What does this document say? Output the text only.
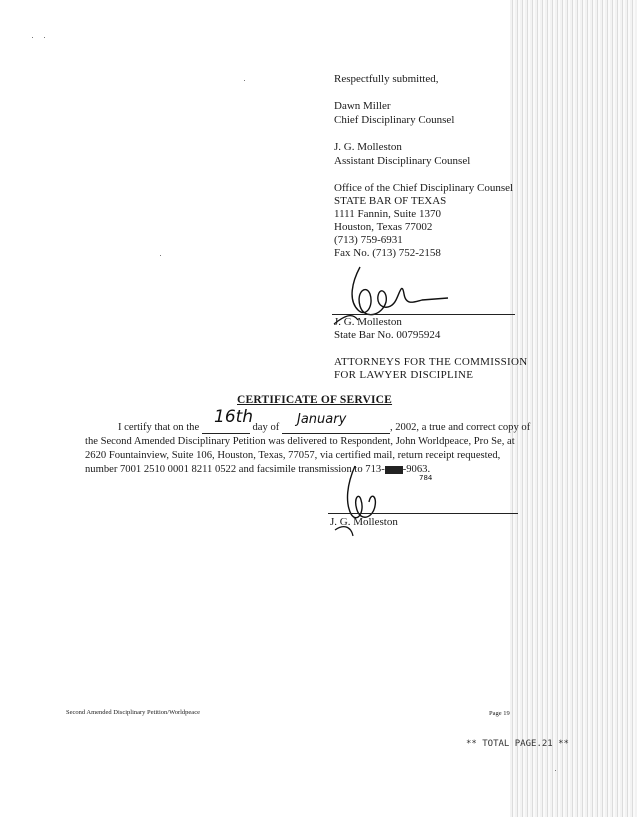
Respectfully submitted,
Dawn Miller
Chief Disciplinary Counsel
J. G. Molleston
Assistant Disciplinary Counsel
Office of the Chief Disciplinary Counsel
STATE BAR OF TEXAS
1111 Fannin, Suite 1370
Houston, Texas 77002
(713) 759-6931
Fax No. (713) 752-2158
J. G. Molleston
State Bar No. 00795924
ATTORNEYS FOR THE COMMISSION
FOR LAWYER DISCIPLINE
CERTIFICATE OF SERVICE
I certify that on the	day of	, 2002, a true and correct copy of
16th	January
the Second Amended Disciplinary Petition was delivered to Respondent, John Worldpeace, Pro Se, at
2620 Fountainview, Suite 106, Houston, Texas, 77057, via certified mail, return receipt requested,
number 7001 2510 0001 8211 0522 and facsimile transmission to 713- -9063.
784
J. G. Molleston
Second Amended Disciplinary Petition/Worldpeace	Page 19
** TOTAL PAGE.21 **
